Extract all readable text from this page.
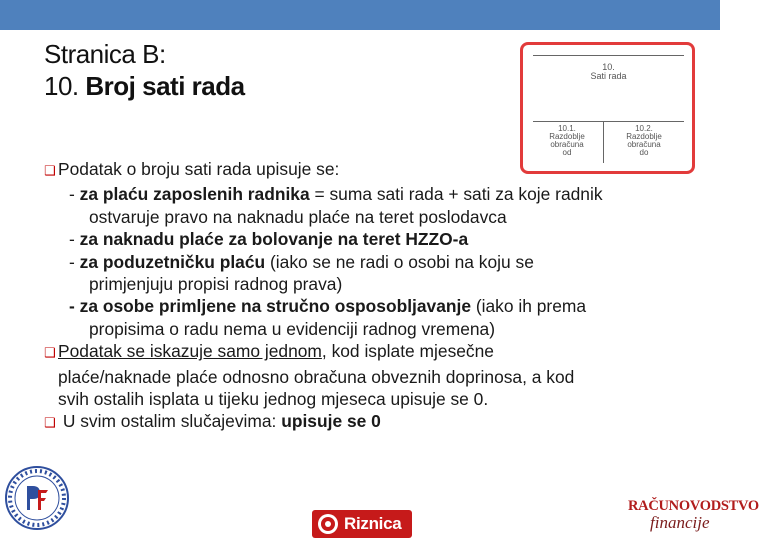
Stranica B:
10. Broj sati rada
10.
Sati rada
10.1.
Razdoblje
obračuna
od
10.2.
Razdoblje
obračuna
do

❑ Podatak o broju sati rada upisuje se:

- za plaću zaposlenih radnika = suma sati rada + sati za koje radnik

ostvaruje pravo na naknadu plaće na teret poslodavca

- za naknadu plaće za bolovanje na teret HZZO-a

- za poduzetničku plaću (iako se ne radi o osobi na koju se

primjenjuju propisi radnog prava)

- za osobe primljene na stručno osposobljavanje (iako ih prema

propisima o radu nema u evidenciji radnog vremena)

❑ Podatak se iskazuje samo jednom, kod isplate mjesečne

plaće/naknade plaće odnosno obračuna obveznih doprinosa, a kod

svih ostalih isplata u tijeku jednog mjeseca upisuje se 0.

❑ U svim ostalim slučajevima: upisuje se 0

Riznica
RAČUNOVODSTVO
financije
